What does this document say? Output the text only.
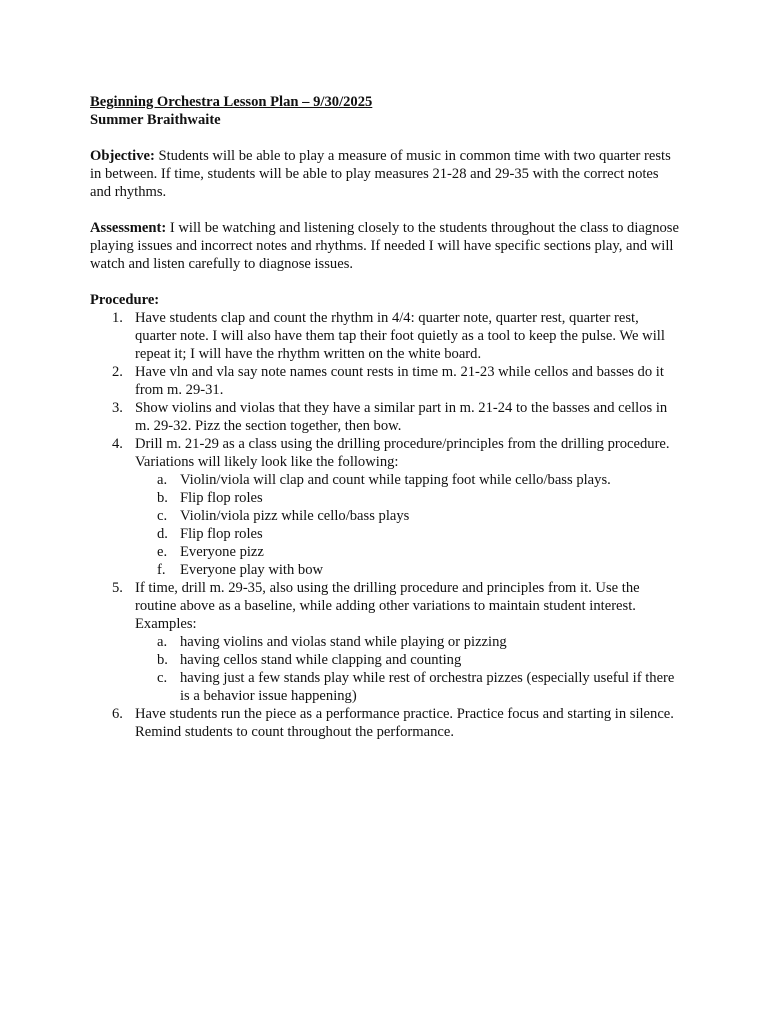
Beginning Orchestra Lesson Plan – 9/30/2025
Summer Braithwaite
Objective: Students will be able to play a measure of music in common time with two quarter rests in between. If time, students will be able to play measures 21-28 and 29-35 with the correct notes and rhythms.
Assessment: I will be watching and listening closely to the students throughout the class to diagnose playing issues and incorrect notes and rhythms. If needed I will have specific sections play, and will watch and listen carefully to diagnose issues.
Procedure:
1. Have students clap and count the rhythm in 4/4: quarter note, quarter rest, quarter rest, quarter note. I will also have them tap their foot quietly as a tool to keep the pulse. We will repeat it; I will have the rhythm written on the white board.
2. Have vln and vla say note names count rests in time m. 21-23 while cellos and basses do it from m. 29-31.
3. Show violins and violas that they have a similar part in m. 21-24 to the basses and cellos in m. 29-32. Pizz the section together, then bow.
4. Drill m. 21-29 as a class using the drilling procedure/principles from the drilling procedure. Variations will likely look like the following:
a. Violin/viola will clap and count while tapping foot while cello/bass plays.
b. Flip flop roles
c. Violin/viola pizz while cello/bass plays
d. Flip flop roles
e. Everyone pizz
f. Everyone play with bow
5. If time, drill m. 29-35, also using the drilling procedure and principles from it. Use the routine above as a baseline, while adding other variations to maintain student interest. Examples:
a. having violins and violas stand while playing or pizzing
b. having cellos stand while clapping and counting
c. having just a few stands play while rest of orchestra pizzes (especially useful if there is a behavior issue happening)
6. Have students run the piece as a performance practice. Practice focus and starting in silence. Remind students to count throughout the performance.
